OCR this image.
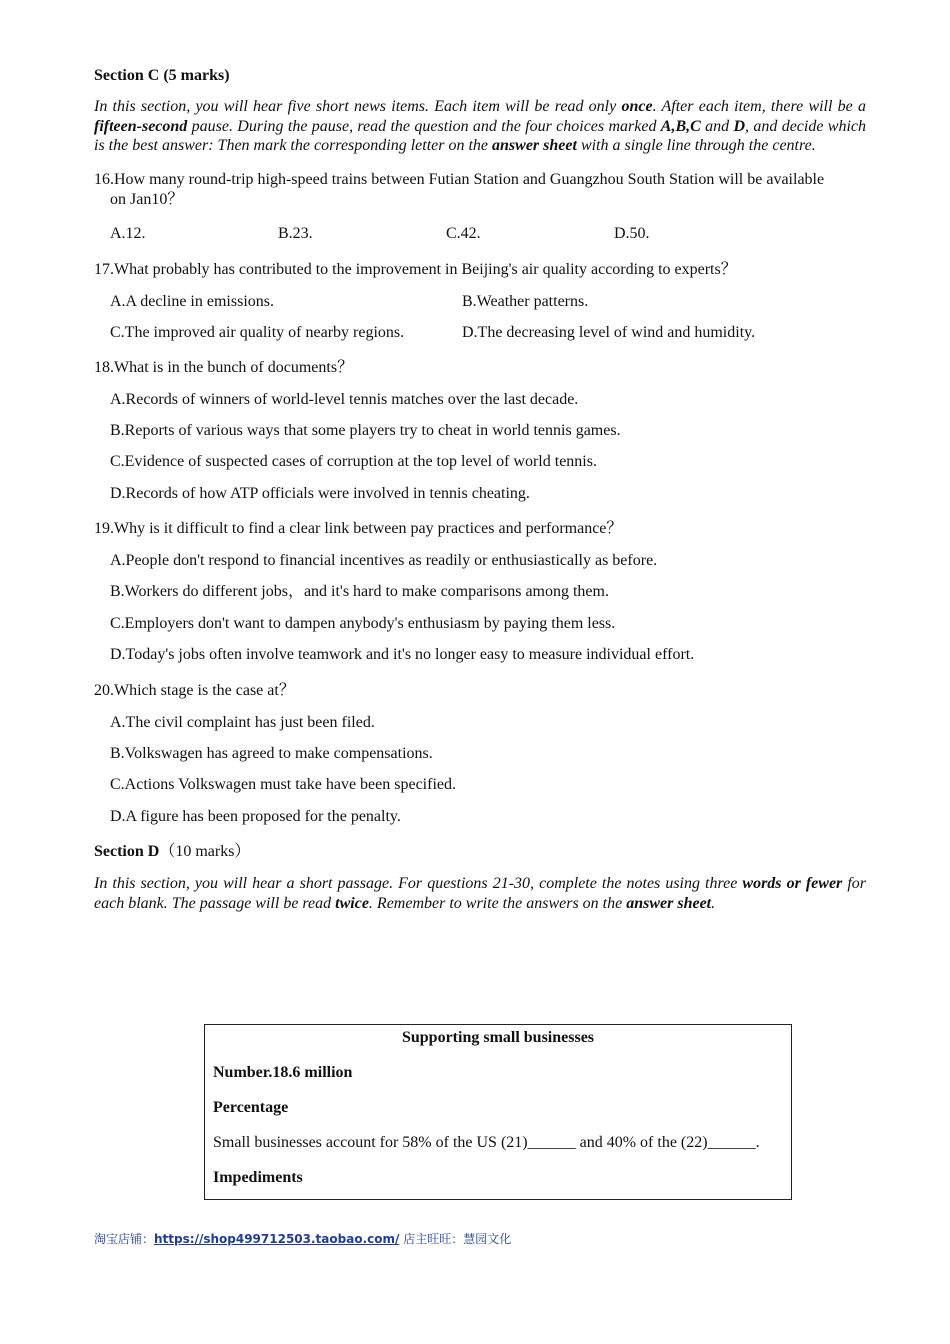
Section C (5 marks)

In this section, you will hear five short news items. Each item will be read only once. After each item, there will be a fifteen-second pause. During the pause, read the question and the four choices marked A,B,C and D, and decide which is the best answer: Then mark the corresponding letter on the answer sheet with a single line through the centre.

16.How many round-trip high-speed trains between Futian Station and Guangzhou South Station will be available
on Jan10？
A.12.	B.23.	C.42.	D.50.
17.What probably has contributed to the improvement in Beijing's air quality according to experts？
A.A decline in emissions.	B.Weather patterns.
C.The improved air quality of nearby regions.	D.The decreasing level of wind and humidity.
18.What is in the bunch of documents？
A.Records of winners of world-level tennis matches over the last decade.
B.Reports of various ways that some players try to cheat in world tennis games.
C.Evidence of suspected cases of corruption at the top level of world tennis.
D.Records of how ATP officials were involved in tennis cheating.
19.Why is it difficult to find a clear link between pay practices and performance？
A.People don't respond to financial incentives as readily or enthusiastically as before.
B.Workers do different jobs，and it's hard to make comparisons among them.
C.Employers don't want to dampen anybody's enthusiasm by paying them less.
D.Today's jobs often involve teamwork and it's no longer easy to measure individual effort.
20.Which stage is the case at？
A.The civil complaint has just been filed.
B.Volkswagen has agreed to make compensations.
C.Actions Volkswagen must take have been specified.
D.A figure has been proposed for the penalty.
Section D（10 marks）

In this section, you will hear a short passage. For questions 21-30, complete the notes using three words or fewer for each blank. The passage will be read twice. Remember to write the answers on the answer sheet.

Supporting small businesses
Number.18.6 million
Percentage
Small businesses account for 58% of the US (21)______ and 40% of the (22)______.
Impediments
淘宝店铺：https://shop499712503.taobao.com/ 店主旺旺：慧园文化
